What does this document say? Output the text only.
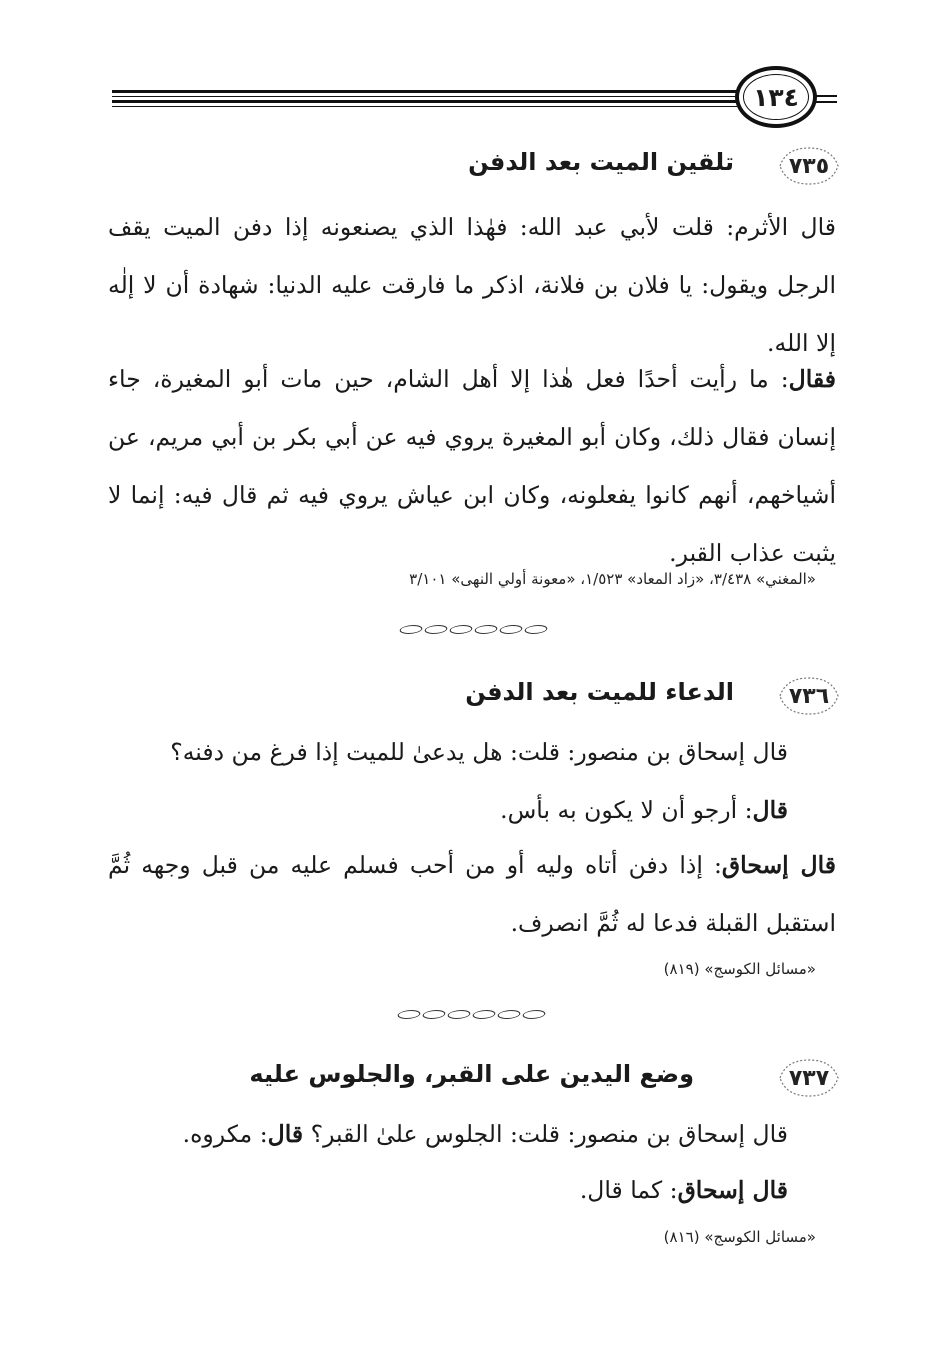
١٣٤
٧٣٥
تلقين الميت بعد الدفن
قال الأثرم: قلت لأبي عبد الله: فهٰذا الذي يصنعونه إذا دفن الميت يقف الرجل ويقول: يا فلان بن فلانة، اذكر ما فارقت عليه الدنيا: شهادة أن لا إلٰه إلا الله.
فقال: ما رأيت أحدًا فعل هٰذا إلا أهل الشام، حين مات أبو المغيرة، جاء إنسان فقال ذلك، وكان أبو المغيرة يروي فيه عن أبي بكر بن أبي مريم، عن أشياخهم، أنهم كانوا يفعلونه، وكان ابن عياش يروي فيه ثم قال فيه: إنما لا يثبت عذاب القبر.
«المغني» ٣/٤٣٨، «زاد المعاد» ١/٥٢٣، «معونة أولي النهى» ٣/١٠١
٧٣٦
الدعاء للميت بعد الدفن
قال إسحاق بن منصور: قلت: هل يدعىٰ للميت إذا فرغ من دفنه؟
قال: أرجو أن لا يكون به بأس.
قال إسحاق: إذا دفن أتاه وليه أو من أحب فسلم عليه من قبل وجهه ثُمَّ استقبل القبلة فدعا له ثُمَّ انصرف.
«مسائل الكوسج» (٨١٩)
٧٣٧
وضع اليدين على القبر، والجلوس عليه
قال إسحاق بن منصور: قلت: الجلوس علىٰ القبر؟ قال: مكروه.
قال إسحاق: كما قال.
«مسائل الكوسج» (٨١٦)
